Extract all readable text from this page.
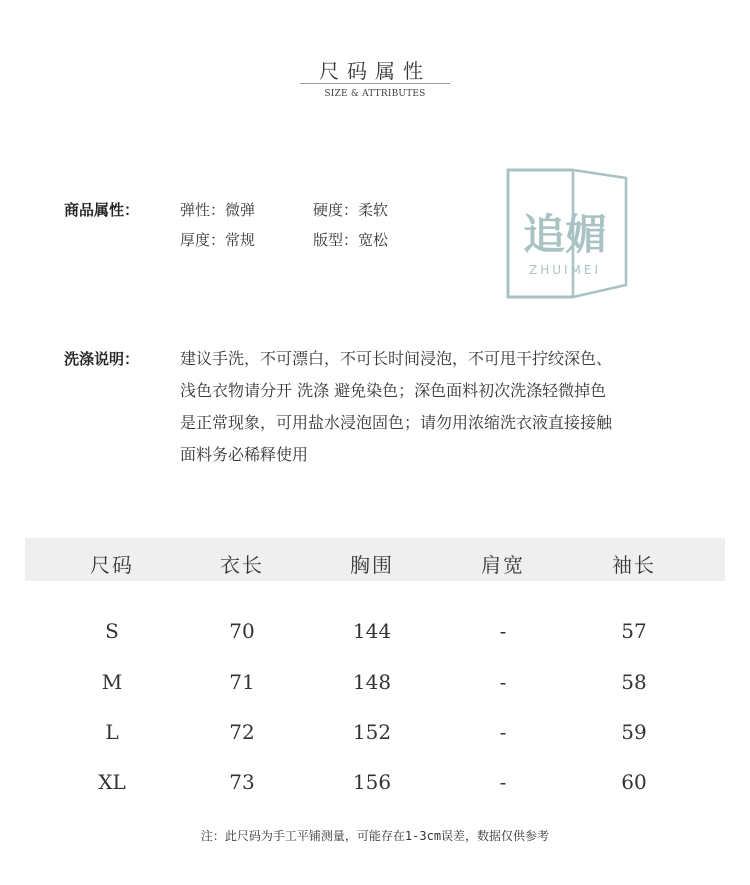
尺码属性
SIZE & ATTRIBUTES
商品属性：	弹性：微弹	硬度：柔软
厚度：常规	版型：宽松	追媚
ZHUIMEI
洗涤说明：	建议手洗，不可漂白，不可长时间浸泡，不可甩干拧绞深色、
浅色衣物请分开 洗涤 避免染色；深色面料初次洗涤轻微掉色
是正常现象，可用盐水浸泡固色；请勿用浓缩洗衣液直接接触
面料务必稀释使用
尺码	衣长	胸围	肩宽	袖长
S	70	144	-	57
M	71	148	-	58
L	72	152	-	59
XL	73	156	-	60
注：此尺码为手工平铺测量，可能存在1-3cm误差，数据仅供参考
